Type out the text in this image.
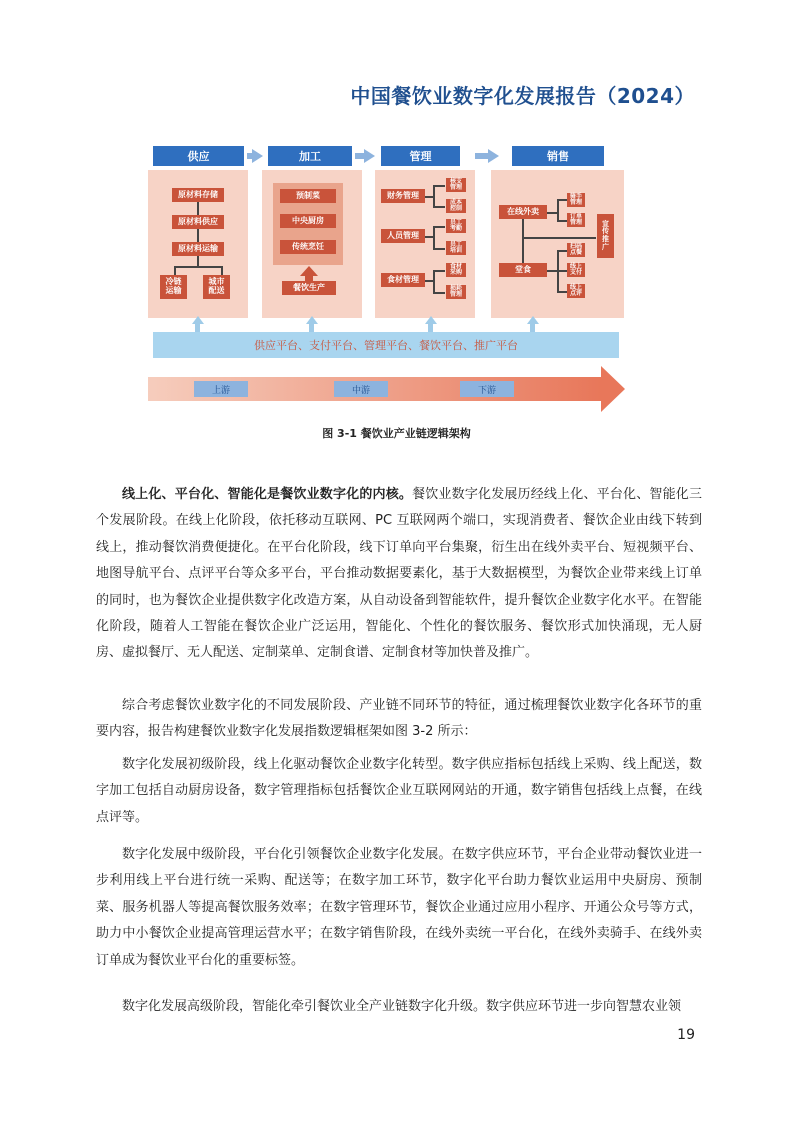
中国餐饮业数字化发展报告（2024）
供应	加工	管理	销售
原材料存储
原材料供应
原材料运输
冷链
运输
城市
配送
预制菜
中央厨房
传统烹饪
餐饮生产
财务管理
人员管理
食材管理
核支
管理
成本
控制
员工
考勤
员工
培训
食材
采购
损耗
管理
在线外卖
堂食
骑手
管理
订单
管理
扫码
点餐
线上
支付
线上
点评
宣
传
推
广
供应平台、支付平台、管理平台、餐饮平台、推广平台
上游	中游	下游
图 3-1 餐饮业产业链逻辑架构

线上化、平台化、智能化是餐饮业数字化的内核。餐饮业数字化发展历经线上化、平台化、智能化三个发展阶段。在线上化阶段，依托移动互联网、PC 互联网两个端口，实现消费者、餐饮企业由线下转到线上，推动餐饮消费便捷化。在平台化阶段，线下订单向平台集聚，衍生出在线外卖平台、短视频平台、地图导航平台、点评平台等众多平台，平台推动数据要素化，基于大数据模型，为餐饮企业带来线上订单的同时，也为餐饮企业提供数字化改造方案，从自动设备到智能软件，提升餐饮企业数字化水平。在智能化阶段，随着人工智能在餐饮企业广泛运用，智能化、个性化的餐饮服务、餐饮形式加快涌现，无人厨房、虚拟餐厅、无人配送、定制菜单、定制食谱、定制食材等加快普及推广。

综合考虑餐饮业数字化的不同发展阶段、产业链不同环节的特征，通过梳理餐饮业数字化各环节的重要内容，报告构建餐饮业数字化发展指数逻辑框架如图 3-2 所示：

数字化发展初级阶段，线上化驱动餐饮企业数字化转型。数字供应指标包括线上采购、线上配送，数字加工包括自动厨房设备，数字管理指标包括餐饮企业互联网网站的开通，数字销售包括线上点餐，在线点评等。

数字化发展中级阶段，平台化引领餐饮企业数字化发展。在数字供应环节，平台企业带动餐饮业进一步利用线上平台进行统一采购、配送等；在数字加工环节，数字化平台助力餐饮业运用中央厨房、预制菜、服务机器人等提高餐饮服务效率；在数字管理环节，餐饮企业通过应用小程序、开通公众号等方式，助力中小餐饮企业提高管理运营水平；在数字销售阶段，在线外卖统一平台化，在线外卖骑手、在线外卖订单成为餐饮业平台化的重要标签。

数字化发展高级阶段，智能化牵引餐饮业全产业链数字化升级。数字供应环节进一步向智慧农业领

19
